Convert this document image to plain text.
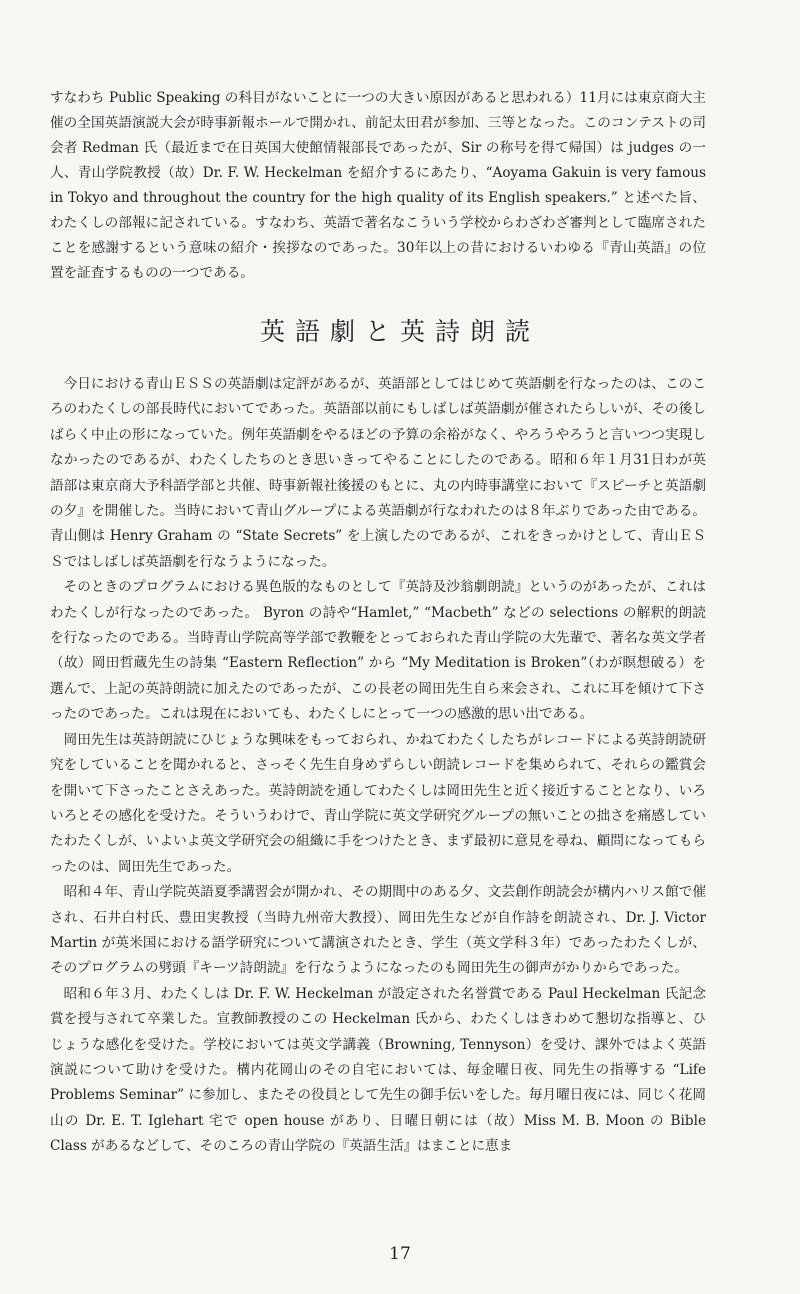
すなわち Public Speaking の科目がないことに一つの大きい原因があると思われる）11月には東京商大主催の全国英語演説大会が時事新報ホールで開かれ、前記太田君が参加、三等となった。このコンテストの司会者 Redman 氏（最近まで在日英国大使館情報部長であったが、Sir の称号を得て帰国）は judges の一人、青山学院教授（故）Dr. F. W. Heckelman を紹介するにあたり、“Aoyama Gakuin is very famous in Tokyo and throughout the country for the high quality of its English speakers.” と述べた旨、わたくしの部報に記されている。すなわち、英語で著名なこういう学校からわざわざ審判として臨席されたことを感謝するという意味の紹介・挨拶なのであった。30年以上の昔におけるいわゆる『青山英語』の位置を証査するものの一つである。

英語劇と英詩朗読

今日における青山ＥＳＳの英語劇は定評があるが、英語部としてはじめて英語劇を行なったのは、このころのわたくしの部長時代においてであった。英語部以前にもしばしば英語劇が催されたらしいが、その後しばらく中止の形になっていた。例年英語劇をやるほどの予算の余裕がなく、やろうやろうと言いつつ実現しなかったのであるが、わたくしたちのとき思いきってやることにしたのである。昭和６年１月31日わが英語部は東京商大予科語学部と共催、時事新報社後援のもとに、丸の内時事講堂において『スピーチと英語劇の夕』を開催した。当時において青山グループによる英語劇が行なわれたのは８年ぶりであった由である。青山側は Henry Graham の “State Secrets” を上演したのであるが、これをきっかけとして、青山ＥＳＳではしばしば英語劇を行なうようになった。

そのときのプログラムにおける異色版的なものとして『英詩及沙翁劇朗読』というのがあったが、これはわたくしが行なったのであった。 Byron の詩や“Hamlet,” “Macbeth” などの selections の解釈的朗読を行なったのである。当時青山学院高等学部で教鞭をとっておられた青山学院の大先輩で、著名な英文学者（故）岡田哲蔵先生の詩集 “Eastern Reflection” から “My Meditation is Broken”（わが瞑想破る）を選んで、上記の英詩朗読に加えたのであったが、この長老の岡田先生自ら来会され、これに耳を傾けて下さったのであった。これは現在においても、わたくしにとって一つの感激的思い出である。

岡田先生は英詩朗読にひじょうな興味をもっておられ、かねてわたくしたちがレコードによる英詩朗読研究をしていることを聞かれると、さっそく先生自身めずらしい朗読レコードを集められて、それらの鑑賞会を開いて下さったことさえあった。英詩朗読を通してわたくしは岡田先生と近く接近することとなり、いろいろとその感化を受けた。そういうわけで、青山学院に英文学研究グループの無いことの拙さを痛感していたわたくしが、いよいよ英文学研究会の組織に手をつけたとき、まず最初に意見を尋ね、顧問になってもらったのは、岡田先生であった。

昭和４年、青山学院英語夏季講習会が開かれ、その期間中のある夕、文芸創作朗読会が構内ハリス館で催され、石井白村氏、豊田実教授（当時九州帝大教授）、岡田先生などが自作詩を朗読され、Dr. J. Victor Martin が英米国における語学研究について講演されたとき、学生（英文学科３年）であったわたくしが、そのプログラムの劈頭『キーツ詩朗読』を行なうようになったのも岡田先生の御声がかりからであった。

昭和６年３月、わたくしは Dr. F. W. Heckelman が設定された名誉賞である Paul Heckelman 氏記念賞を授与されて卒業した。宣教師教授のこの Heckelman 氏から、わたくしはきわめて懇切な指導と、ひじょうな感化を受けた。学校においては英文学講義（Browning, Tennyson）を受け、課外ではよく英語演説について助けを受けた。構内花岡山のその自宅においては、毎金曜日夜、同先生の指導する “Life Problems Seminar” に参加し、またその役員として先生の御手伝いをした。毎月曜日夜には、同じく花岡山の Dr. E. T. Iglehart 宅で open house があり、日曜日朝には（故）Miss M. B. Moon の Bible Class があるなどして、そのころの青山学院の『英語生活』はまことに恵ま

17
